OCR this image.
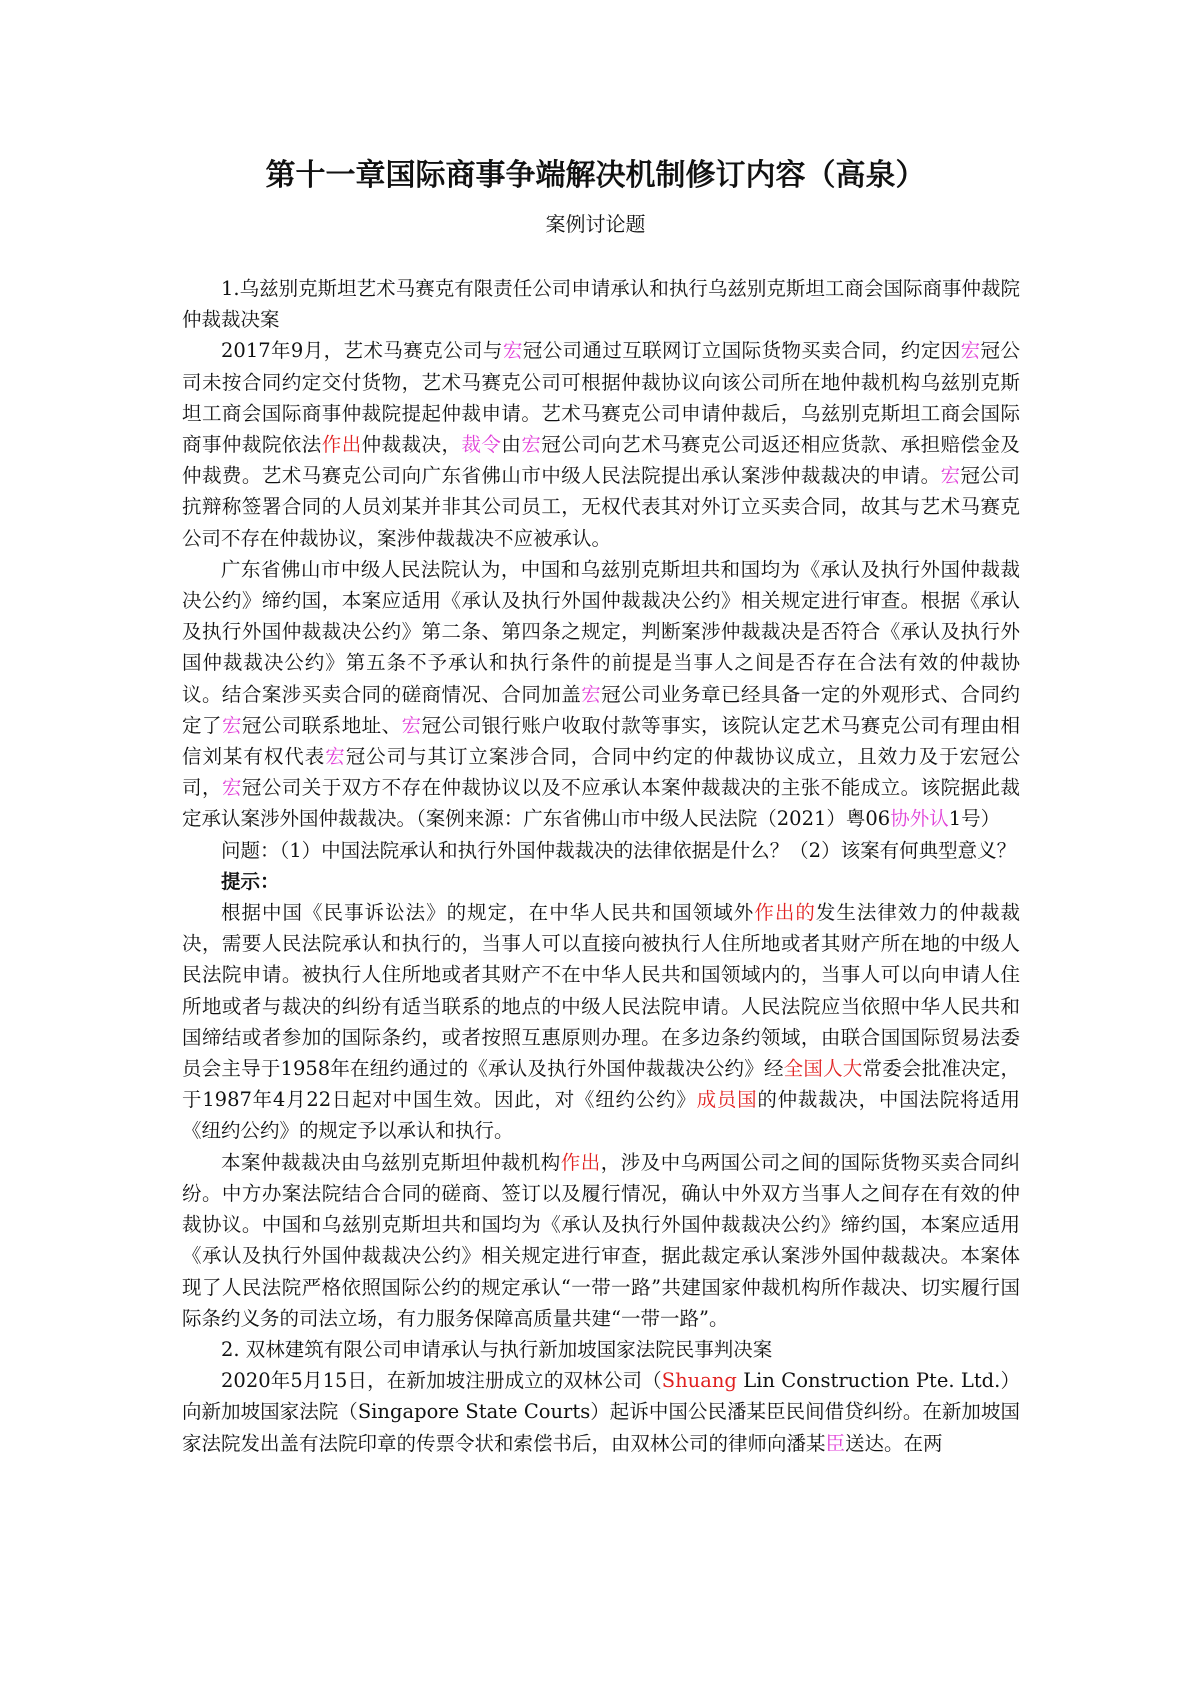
第十一章国际商事争端解决机制修订内容（高泉）
案例讨论题

1.乌兹别克斯坦艺术马赛克有限责任公司申请承认和执行乌兹别克斯坦工商会国际商事仲裁院仲裁裁决案

2017年9月，艺术马赛克公司与宏冠公司通过互联网订立国际货物买卖合同，约定因宏冠公司未按合同约定交付货物，艺术马赛克公司可根据仲裁协议向该公司所在地仲裁机构乌兹别克斯坦工商会国际商事仲裁院提起仲裁申请。艺术马赛克公司申请仲裁后，乌兹别克斯坦工商会国际商事仲裁院依法作出仲裁裁决，裁令由宏冠公司向艺术马赛克公司返还相应货款、承担赔偿金及仲裁费。艺术马赛克公司向广东省佛山市中级人民法院提出承认案涉仲裁裁决的申请。宏冠公司抗辩称签署合同的人员刘某并非其公司员工，无权代表其对外订立买卖合同，故其与艺术马赛克公司不存在仲裁协议，案涉仲裁裁决不应被承认。

广东省佛山市中级人民法院认为，中国和乌兹别克斯坦共和国均为《承认及执行外国仲裁裁决公约》缔约国，本案应适用《承认及执行外国仲裁裁决公约》相关规定进行审查。根据《承认及执行外国仲裁裁决公约》第二条、第四条之规定，判断案涉仲裁裁决是否符合《承认及执行外国仲裁裁决公约》第五条不予承认和执行条件的前提是当事人之间是否存在合法有效的仲裁协议。结合案涉买卖合同的磋商情况、合同加盖宏冠公司业务章已经具备一定的外观形式、合同约定了宏冠公司联系地址、宏冠公司银行账户收取付款等事实，该院认定艺术马赛克公司有理由相信刘某有权代表宏冠公司与其订立案涉合同，合同中约定的仲裁协议成立，且效力及于宏冠公司，宏冠公司关于双方不存在仲裁协议以及不应承认本案仲裁裁决的主张不能成立。该院据此裁定承认案涉外国仲裁裁决。（案例来源：广东省佛山市中级人民法院（2021）粤06协外认1号）

问题：（1）中国法院承认和执行外国仲裁裁决的法律依据是什么？（2）该案有何典型意义？

提示：

根据中国《民事诉讼法》的规定，在中华人民共和国领域外作出的发生法律效力的仲裁裁决，需要人民法院承认和执行的，当事人可以直接向被执行人住所地或者其财产所在地的中级人民法院申请。被执行人住所地或者其财产不在中华人民共和国领域内的，当事人可以向申请人住所地或者与裁决的纠纷有适当联系的地点的中级人民法院申请。人民法院应当依照中华人民共和国缔结或者参加的国际条约，或者按照互惠原则办理。在多边条约领域，由联合国国际贸易法委员会主导于1958年在纽约通过的《承认及执行外国仲裁裁决公约》经全国人大常委会批准决定，于1987年4月22日起对中国生效。因此，对《纽约公约》成员国的仲裁裁决，中国法院将适用《纽约公约》的规定予以承认和执行。

本案仲裁裁决由乌兹别克斯坦仲裁机构作出，涉及中乌两国公司之间的国际货物买卖合同纠纷。中方办案法院结合合同的磋商、签订以及履行情况，确认中外双方当事人之间存在有效的仲裁协议。中国和乌兹别克斯坦共和国均为《承认及执行外国仲裁裁决公约》缔约国，本案应适用《承认及执行外国仲裁裁决公约》相关规定进行审查，据此裁定承认案涉外国仲裁裁决。本案体现了人民法院严格依照国际公约的规定承认“一带一路”共建国家仲裁机构所作裁决、切实履行国际条约义务的司法立场，有力服务保障高质量共建“一带一路”。

2. 双林建筑有限公司申请承认与执行新加坡国家法院民事判决案

2020年5月15日，在新加坡注册成立的双林公司（Shuang Lin Construction Pte. Ltd.）向新加坡国家法院（Singapore State Courts）起诉中国公民潘某臣民间借贷纠纷。在新加坡国家法院发出盖有法院印章的传票令状和索偿书后，由双林公司的律师向潘某臣送达。在两
